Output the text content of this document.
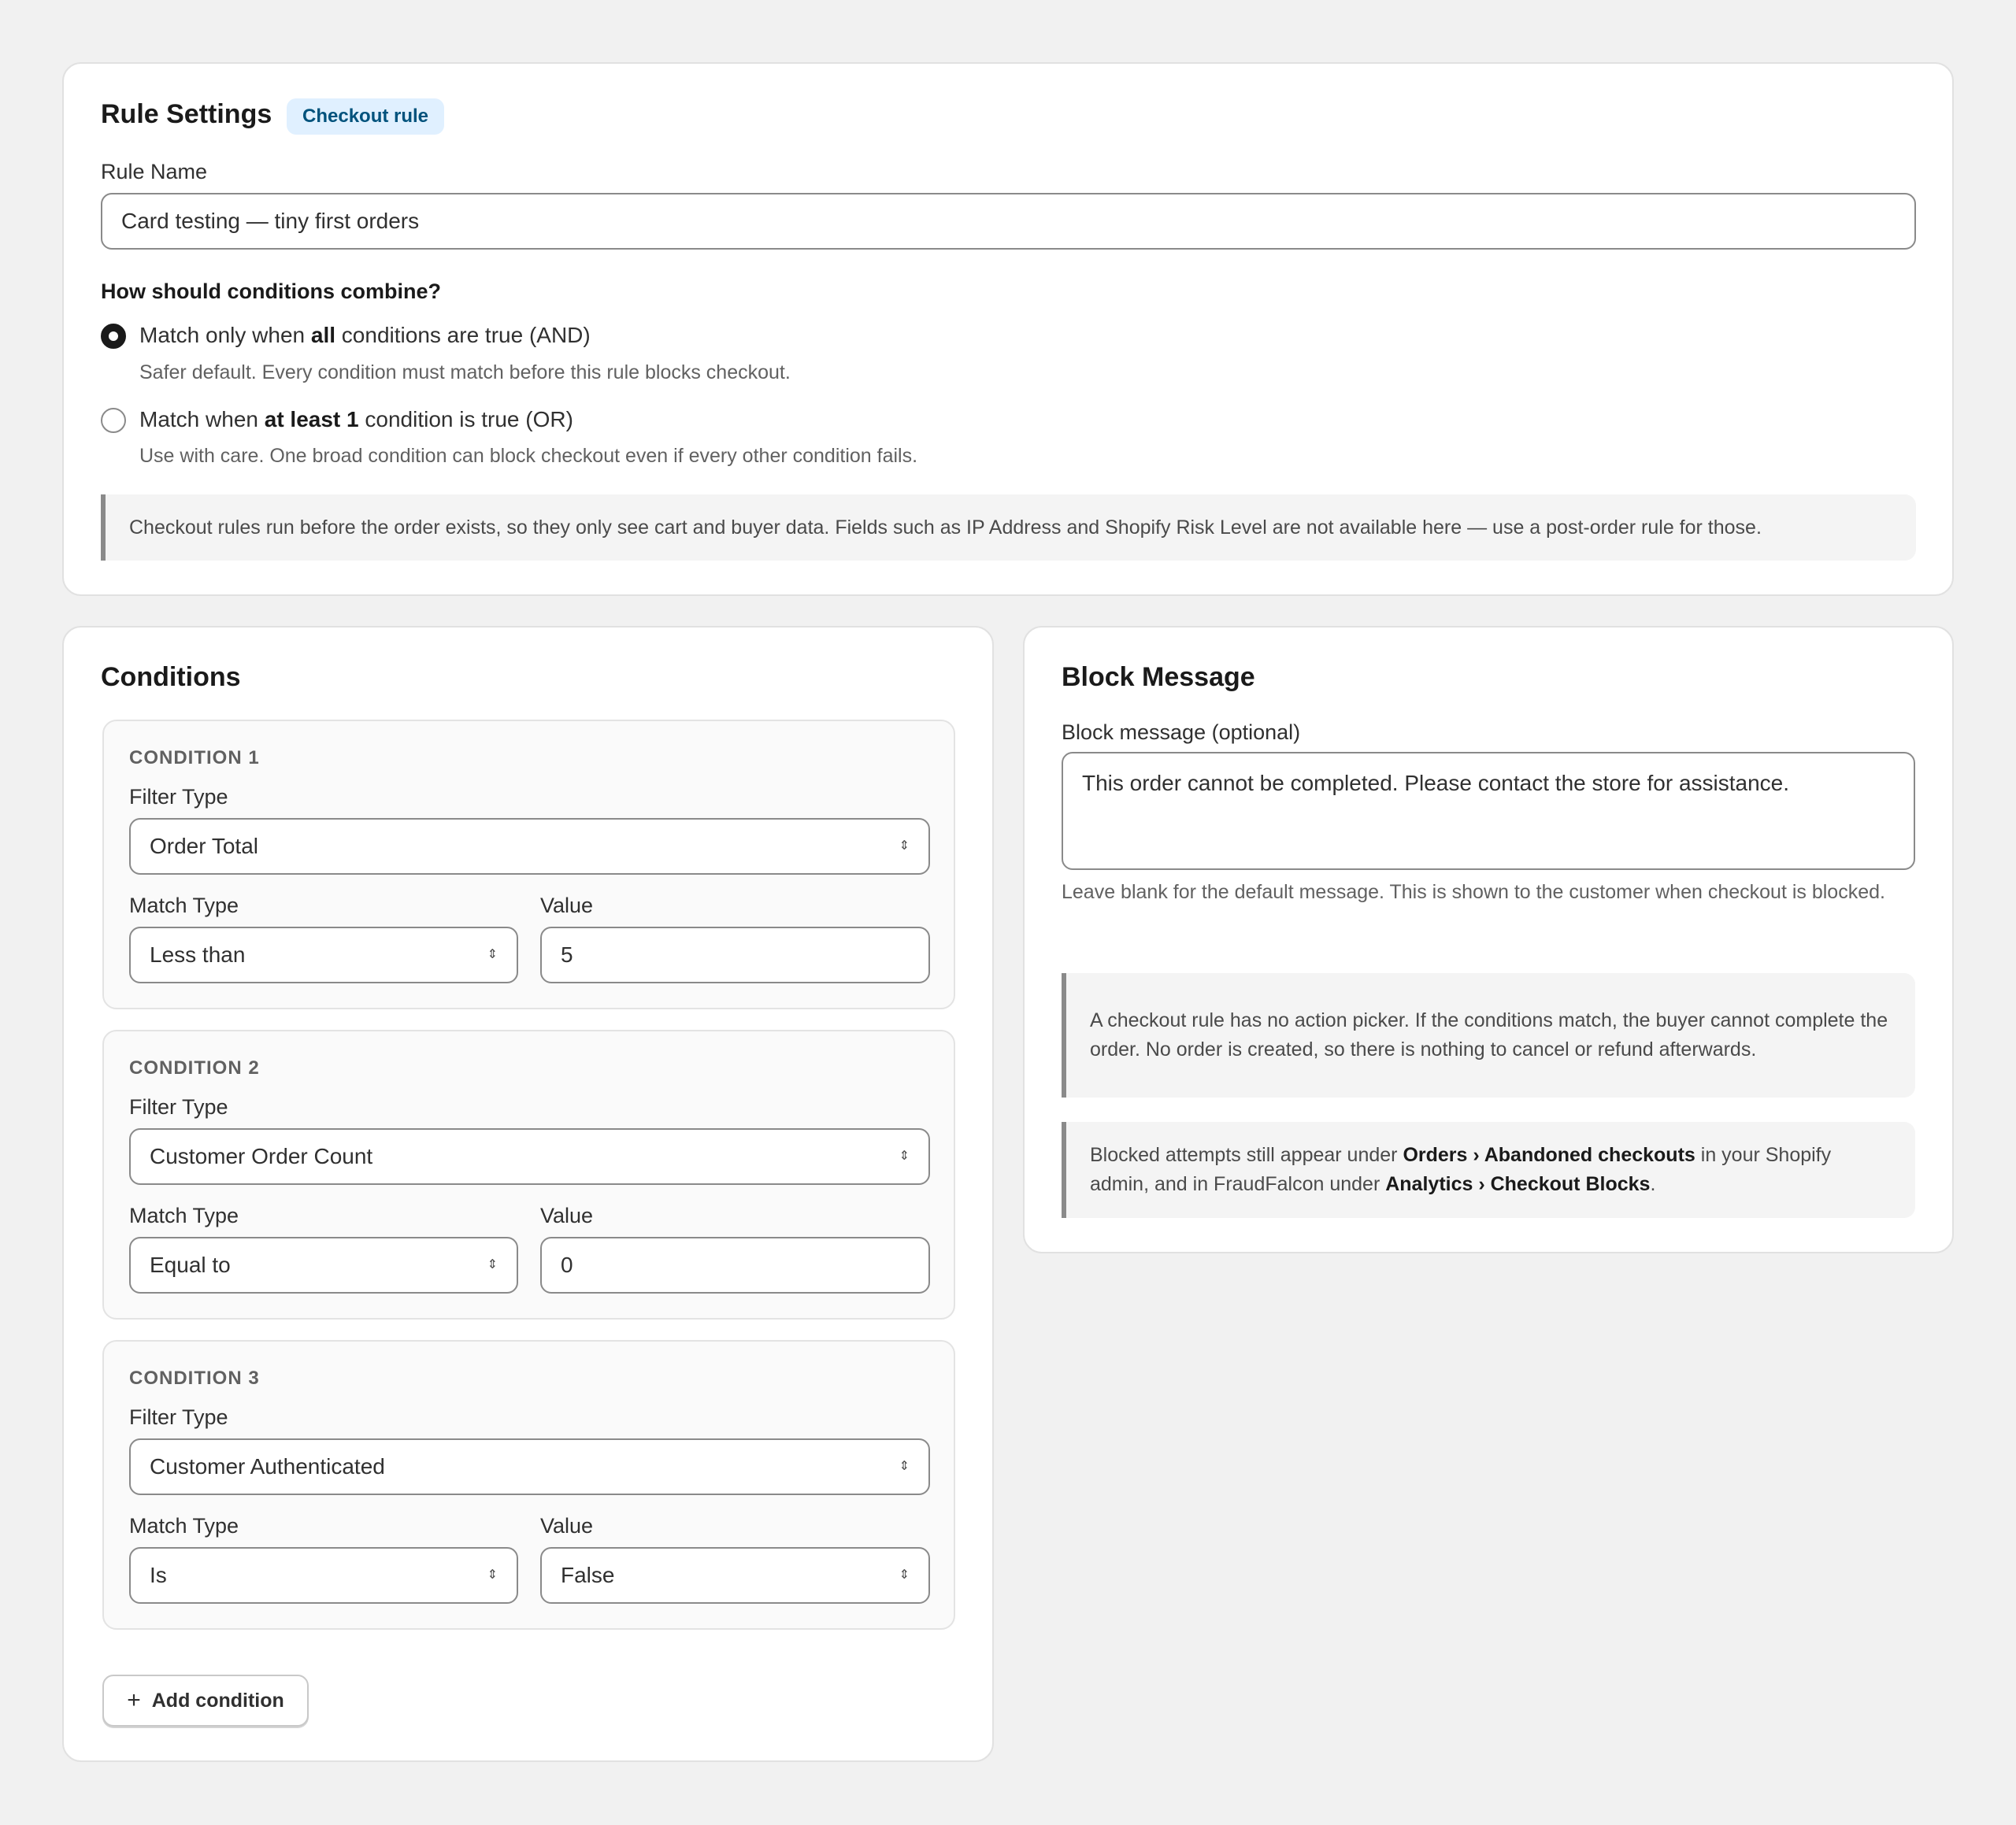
Rule Settings	Checkout rule
Rule Name
Card testing — tiny first orders
How should conditions combine?
Match only when all conditions are true (AND)
Safer default. Every condition must match before this rule blocks checkout.
Match when at least 1 condition is true (OR)
Use with care. One broad condition can block checkout even if every other condition fails.
Checkout rules run before the order exists, so they only see cart and buyer data. Fields such as IP Address and Shopify Risk Level are not available here — use a post-order rule for those.
Conditions
CONDITION 1
Filter Type
Order Total	⇕
Match Type
Less than	⇕
Value
5
CONDITION 2
Filter Type
Customer Order Count	⇕
Match Type
Equal to	⇕
Value
0
CONDITION 3
Filter Type
Customer Authenticated	⇕
Match Type
Is	⇕
Value
False	⇕
+ Add condition
Block Message
Block message (optional)
This order cannot be completed. Please contact the store for assistance.
Leave blank for the default message. This is shown to the customer when checkout is blocked.
A checkout rule has no action picker. If the conditions match, the buyer cannot complete the order. No order is created, so there is nothing to cancel or refund afterwards.
Blocked attempts still appear under Orders › Abandoned checkouts in your Shopify admin, and in FraudFalcon under Analytics › Checkout Blocks.
